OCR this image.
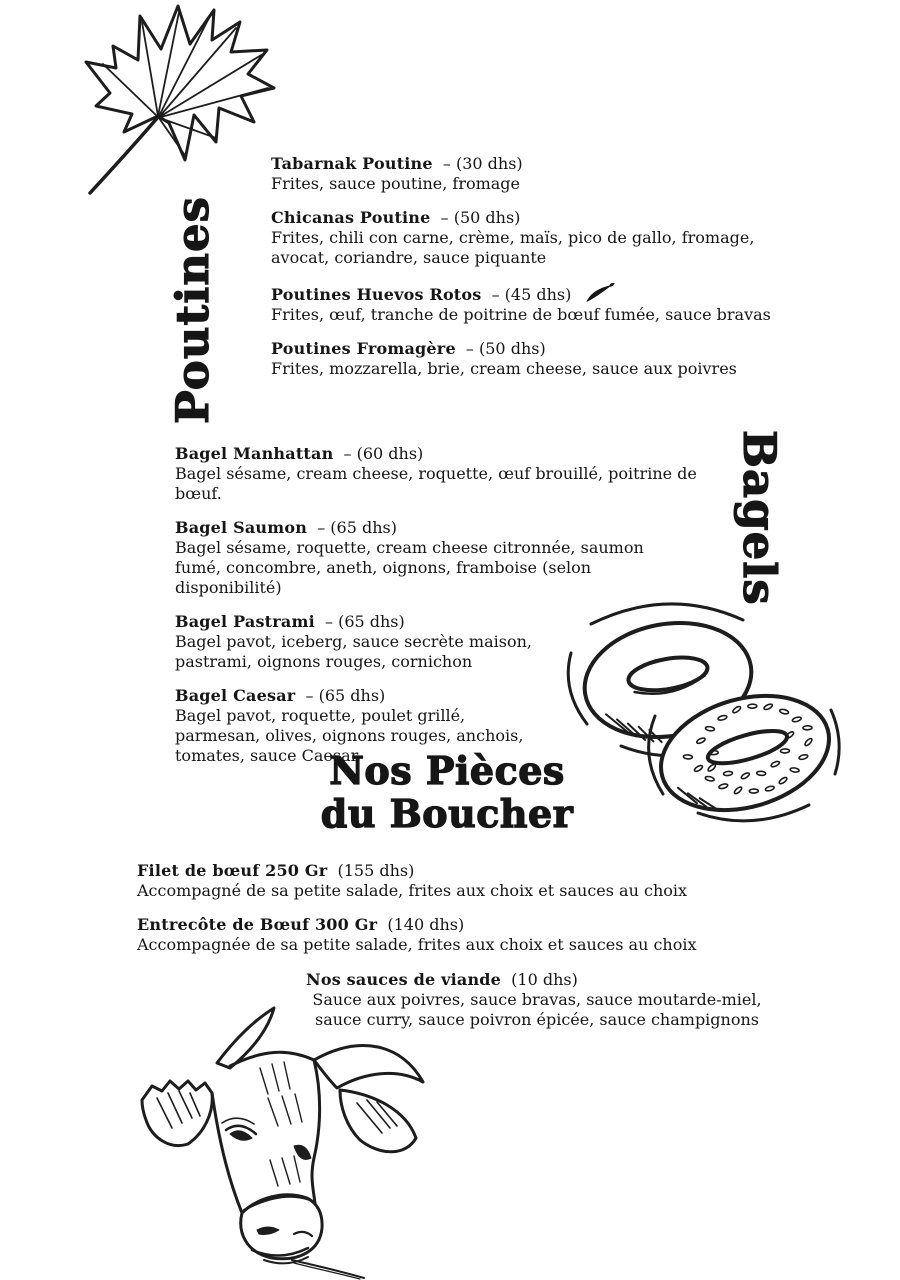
Poutines
Bagels
Tabarnak Poutine – (30 dhs)
Frites, sauce poutine, fromage
Chicanas Poutine – (50 dhs)
Frites, chili con carne, crème, maïs, pico de gallo, fromage, avocat, coriandre, sauce piquante
Poutines Huevos Rotos – (45 dhs)
Frites, œuf, tranche de poitrine de bœuf fumée, sauce bravas
Poutines Fromagère – (50 dhs)
Frites, mozzarella, brie, cream cheese, sauce aux poivres
Bagel Manhattan – (60 dhs)
Bagel sésame, cream cheese, roquette, œuf brouillé, poitrine de bœuf.
Bagel Saumon – (65 dhs)
Bagel sésame, roquette, cream cheese citronnée, saumon fumé, concombre, aneth, oignons, framboise (selon disponibilité)
Bagel Pastrami – (65 dhs)
Bagel pavot, iceberg, sauce secrète maison, pastrami, oignons rouges, cornichon
Bagel Caesar – (65 dhs)
Bagel pavot, roquette, poulet grillé, parmesan, olives, oignons rouges, anchois, tomates, sauce Caesar
Nos Pièces
du Boucher
Filet de bœuf 250 Gr (155 dhs)
Accompagné de sa petite salade, frites aux choix et sauces au choix
Entrecôte de Bœuf 300 Gr (140 dhs)
Accompagnée de sa petite salade, frites aux choix et sauces au choix
Nos sauces de viande (10 dhs)
Sauce aux poivres, sauce bravas, sauce moutarde-miel, sauce curry, sauce poivron épicée, sauce champignons
